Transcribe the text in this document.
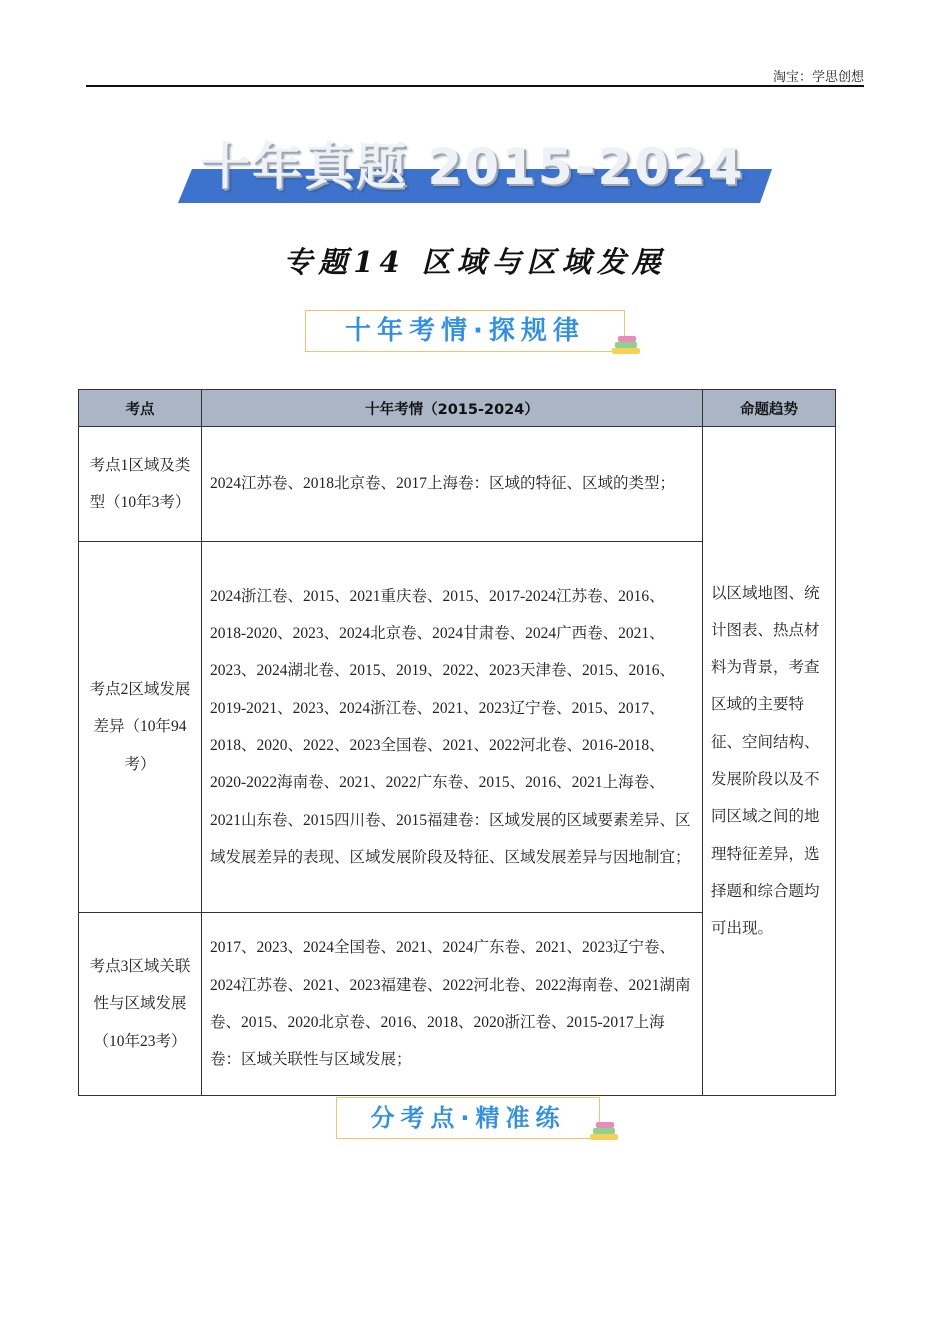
淘宝：学思创想
十年真题 2015-2024
专题14 区域与区域发展
十年考情·探规律
考点	十年考情（2015-2024）	命题趋势
考点1区域及类型（10年3考）	2024江苏卷、2018北京卷、2017上海卷：区域的特征、区域的类型；	以区域地图、统计图表、热点材料为背景，考查区域的主要特征、空间结构、发展阶段以及不同区域之间的地理特征差异，选择题和综合题均可出现。
考点2区域发展差异（10年94考）	2024浙江卷、2015、2021重庆卷、2015、2017-2024江苏卷、2016、2018-2020、2023、2024北京卷、2024甘肃卷、2024广西卷、2021、2023、2024湖北卷、2015、2019、2022、2023天津卷、2015、2016、2019-2021、2023、2024浙江卷、2021、2023辽宁卷、2015、2017、2018、2020、2022、2023全国卷、2021、2022河北卷、2016-2018、2020-2022海南卷、2021、2022广东卷、2015、2016、2021上海卷、2021山东卷、2015四川卷、2015福建卷：区域发展的区域要素差异、区域发展差异的表现、区域发展阶段及特征、区域发展差异与因地制宜；	
考点3区域关联性与区域发展（10年23考）	2017、2023、2024全国卷、2021、2024广东卷、2021、2023辽宁卷、2024江苏卷、2021、2023福建卷、2022河北卷、2022海南卷、2021湖南卷、2015、2020北京卷、2016、2018、2020浙江卷、2015-2017上海卷：区域关联性与区域发展；	
分考点·精准练
